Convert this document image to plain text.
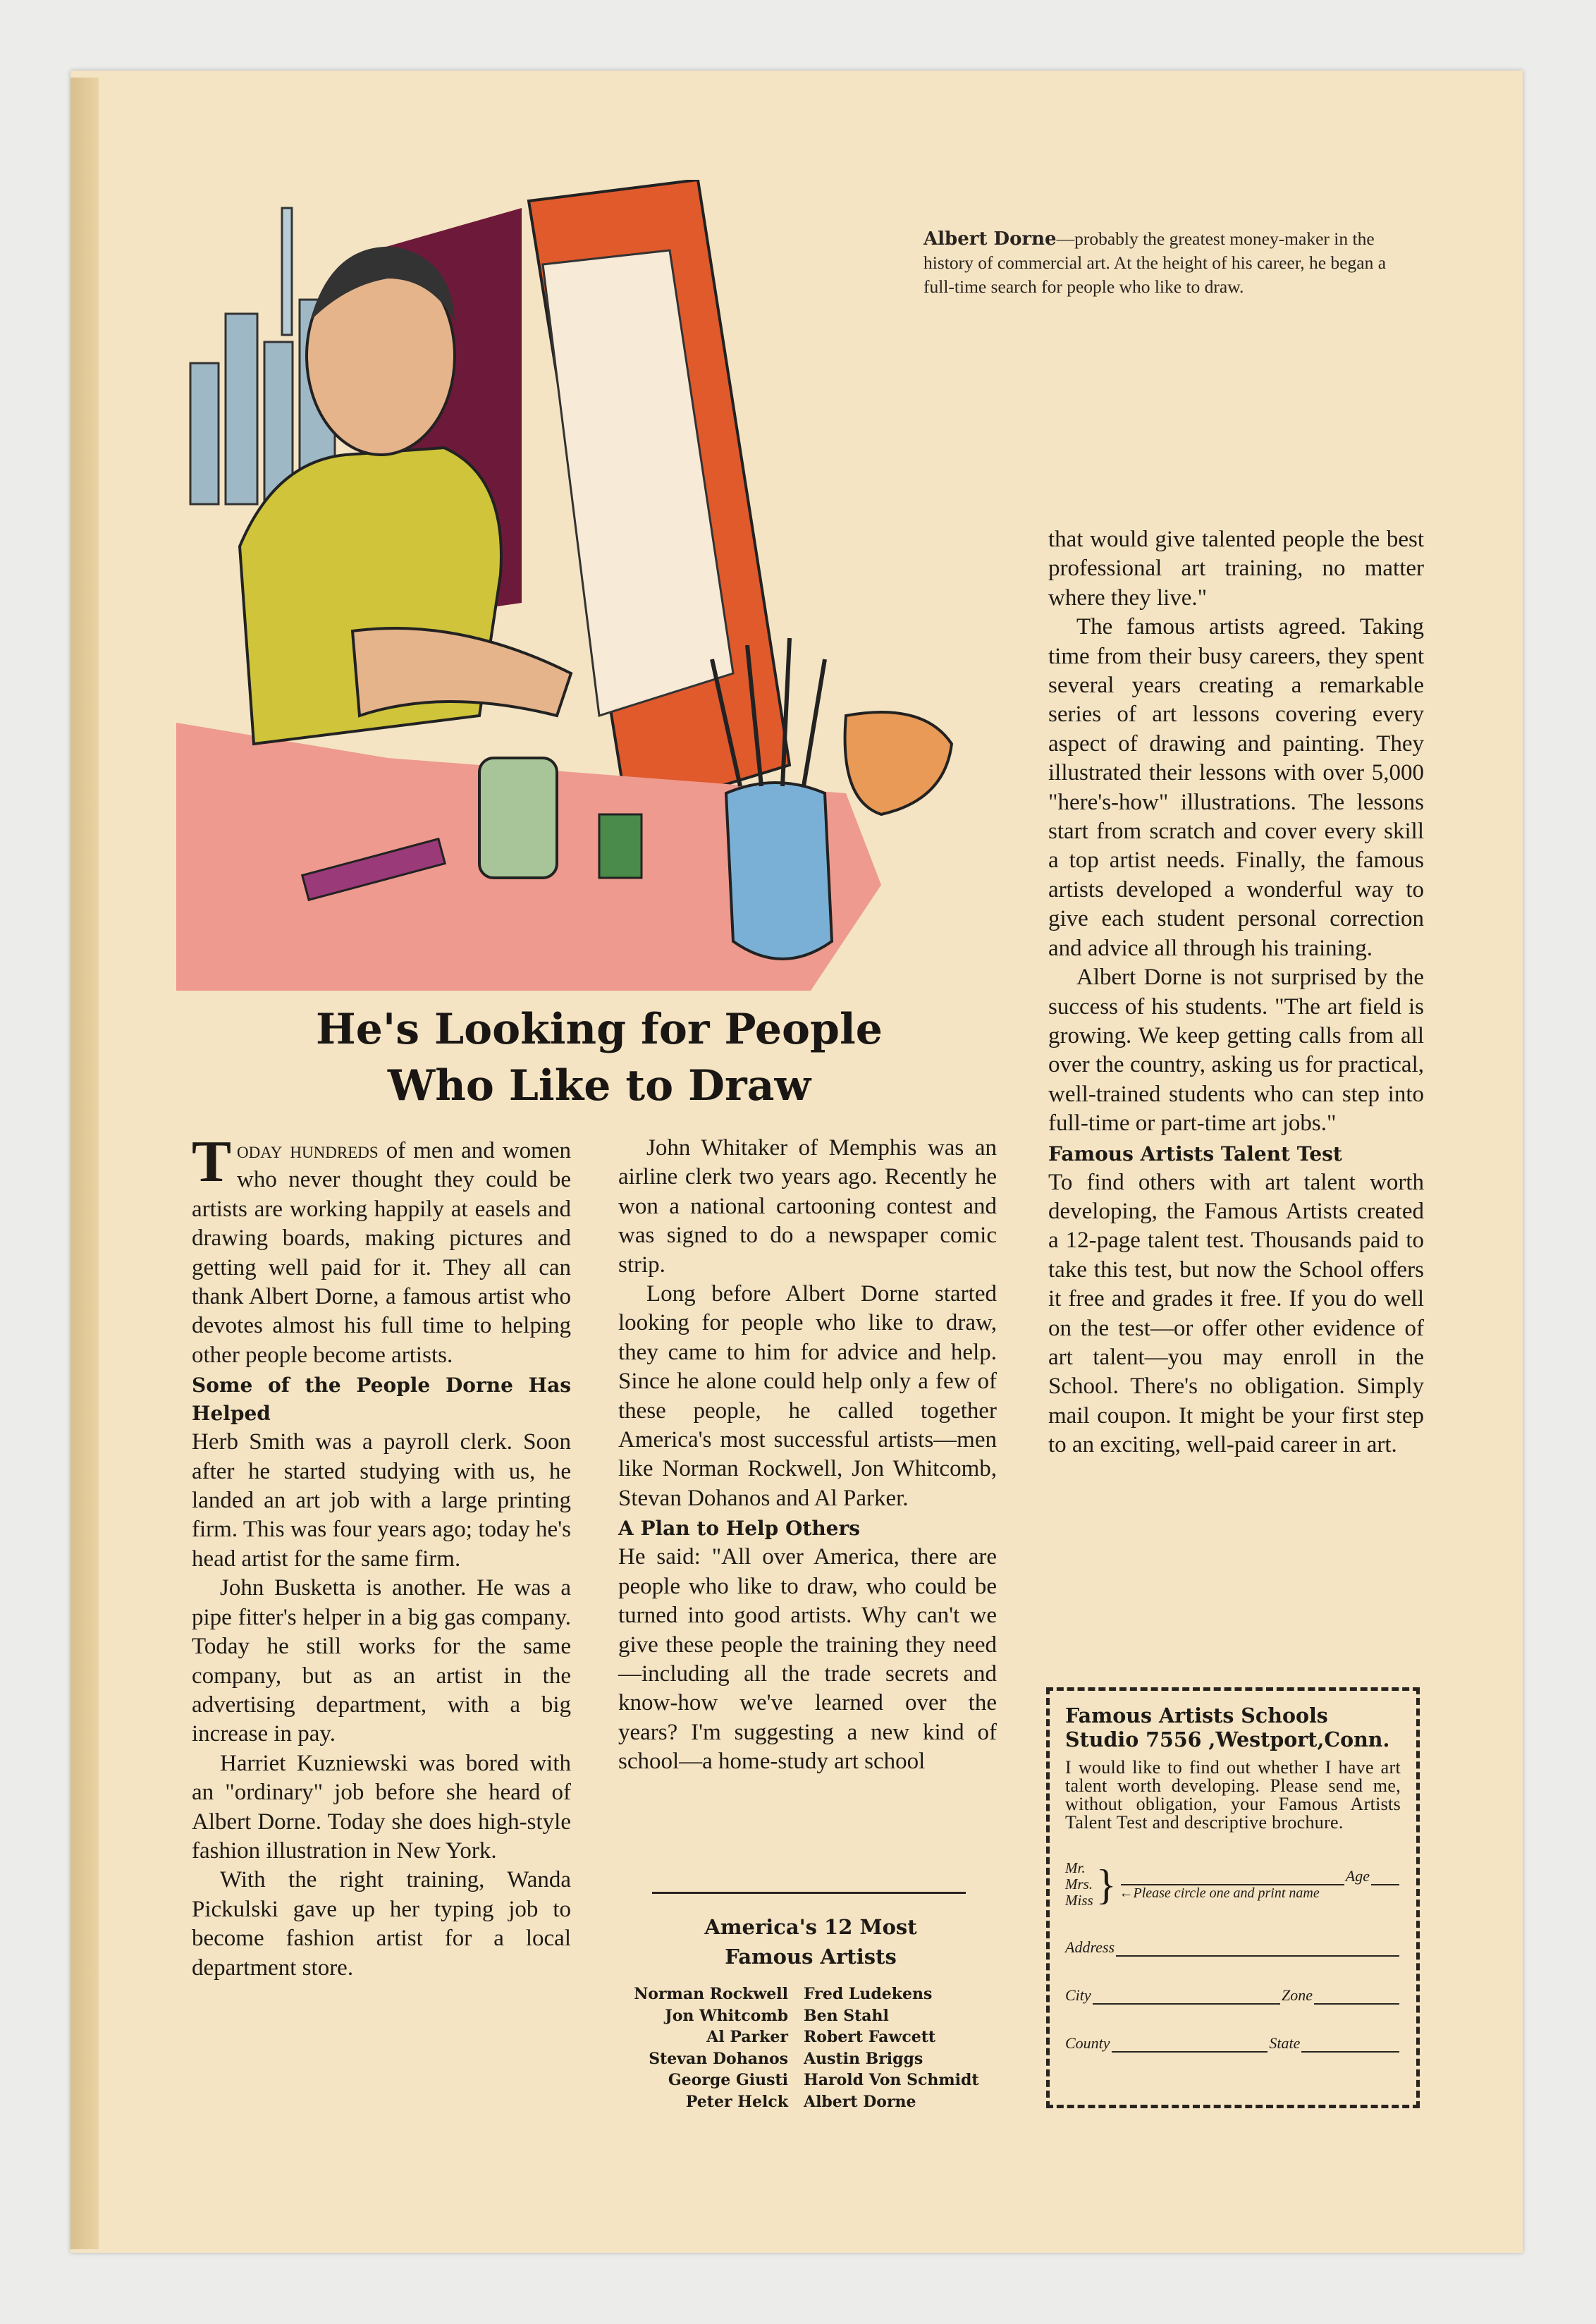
Albert Dorne—probably the greatest money-maker in the history of commercial art. At the height of his career, he began a full-time search for people who like to draw.
He's Looking for People
Who Like to Draw

Today hundreds of men and women who never thought they could be artists are working happily at easels and drawing boards, making pictures and getting well paid for it. They all can thank Albert Dorne, a famous artist who devotes almost his full time to helping other people become artists.

Some of the People Dorne Has Helped

Herb Smith was a payroll clerk. Soon after he started studying with us, he landed an art job with a large printing firm. This was four years ago; today he's head artist for the same firm.

John Busketta is another. He was a pipe fitter's helper in a big gas company. Today he still works for the same company, but as an artist in the advertising department, with a big increase in pay.

Harriet Kuzniewski was bored with an "ordinary" job before she heard of Albert Dorne. Today she does high-style fashion illustration in New York.

With the right training, Wanda Pickulski gave up her typing job to become fashion artist for a local department store.

John Whitaker of Memphis was an airline clerk two years ago. Recently he won a national cartooning contest and was signed to do a newspaper comic strip.

Long before Albert Dorne started looking for people who like to draw, they came to him for advice and help. Since he alone could help only a few of these people, he called together America's most successful artists—men like Norman Rockwell, Jon Whitcomb, Stevan Dohanos and Al Parker.

A Plan to Help Others

He said: "All over America, there are people who like to draw, who could be turned into good artists. Why can't we give these people the training they need—including all the trade secrets and know-how we've learned over the years? I'm suggesting a new kind of school—a home-study art school

America's 12 Most
Famous Artists
Norman Rockwell	Fred Ludekens
Jon Whitcomb	Ben Stahl
Al Parker	Robert Fawcett
Stevan Dohanos	Austin Briggs
George Giusti	Harold Von Schmidt
Peter Helck	Albert Dorne

that would give talented people the best professional art training, no matter where they live."

The famous artists agreed. Taking time from their busy careers, they spent several years creating a remarkable series of art lessons covering every aspect of drawing and painting. They illustrated their lessons with over 5,000 "here's-how" illustrations. The lessons start from scratch and cover every skill a top artist needs. Finally, the famous artists developed a wonderful way to give each student personal correction and advice all through his training.

Albert Dorne is not surprised by the success of his students. "The art field is growing. We keep getting calls from all over the country, asking us for practical, well-trained students who can step into full-time or part-time art jobs."

Famous Artists Talent Test

To find others with art talent worth developing, the Famous Artists created a 12-page talent test. Thousands paid to take this test, but now the School offers it free and grades it free. If you do well on the test—or offer other evidence of art talent—you may enroll in the School. There's no obligation. Simply mail coupon. It might be your first step to an exciting, well-paid career in art.

Famous Artists Schools
Studio 7556 ,Westport,Conn.
I would like to find out whether I have art talent worth developing. Please send me, without obligation, your Famous Artists Talent Test and descriptive brochure.
Mr.
Mrs.
Miss }	Age
←Please circle one and print name
Address
City	Zone
County	State
